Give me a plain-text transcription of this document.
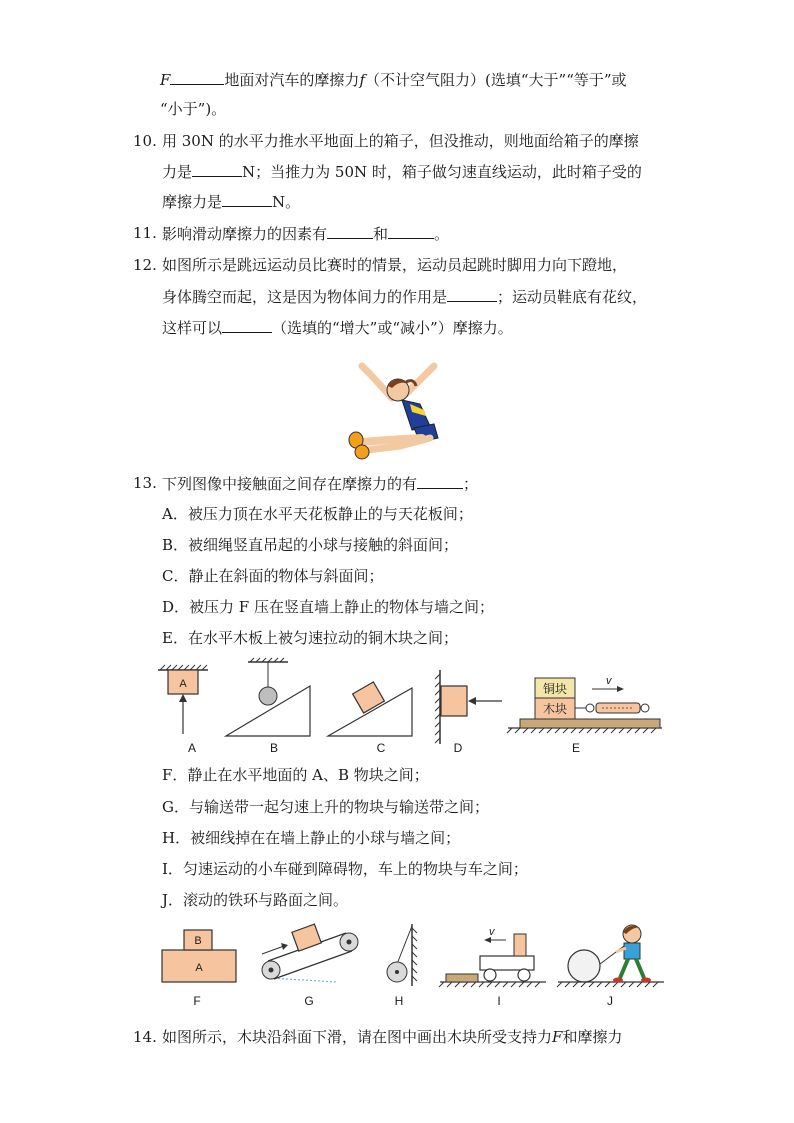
F	地面对汽车的摩擦力f（不计空气阻力）(选填“大于”“等于”或
“小于”)。
10. 用 30N 的水平力推水平地面上的箱子，但没推动，则地面给箱子的摩擦
力是	N；当推力为 50N 时，箱子做匀速直线运动，此时箱子受的
摩擦力是	N。
11. 影响滑动摩擦力的因素有	和	。
12. 如图所示是跳远运动员比赛时的情景，运动员起跳时脚用力向下蹬地，
身体腾空而起，这是因为物体间力的作用是	；运动员鞋底有花纹，
这样可以	（选填的“增大”或“减小”）摩擦力。
13. 下列图像中接触面之间存在摩擦力的有	；
A．被压力顶在水平天花板静止的与天花板间；
B．被细绳竖直吊起的小球与接触的斜面间；
C．静止在斜面的物体与斜面间；
D．被压力 F 压在竖直墙上静止的物体与墙之间；
E．在水平木板上被匀速拉动的铜木块之间；
A
木块
铜块
v
A	B	C	D	E
F．静止在水平地面的 A、B 物块之间；
G．与输送带一起匀速上升的物块与输送带之间；
H．被细线掉在在墙上静止的小球与墙之间；
I．匀速运动的小车碰到障碍物，车上的物块与车之间；
J．滚动的铁环与路面之间。
A
B
v
F	G	H	I	J
14. 如图所示，木块沿斜面下滑，请在图中画出木块所受支持力F和摩擦力
